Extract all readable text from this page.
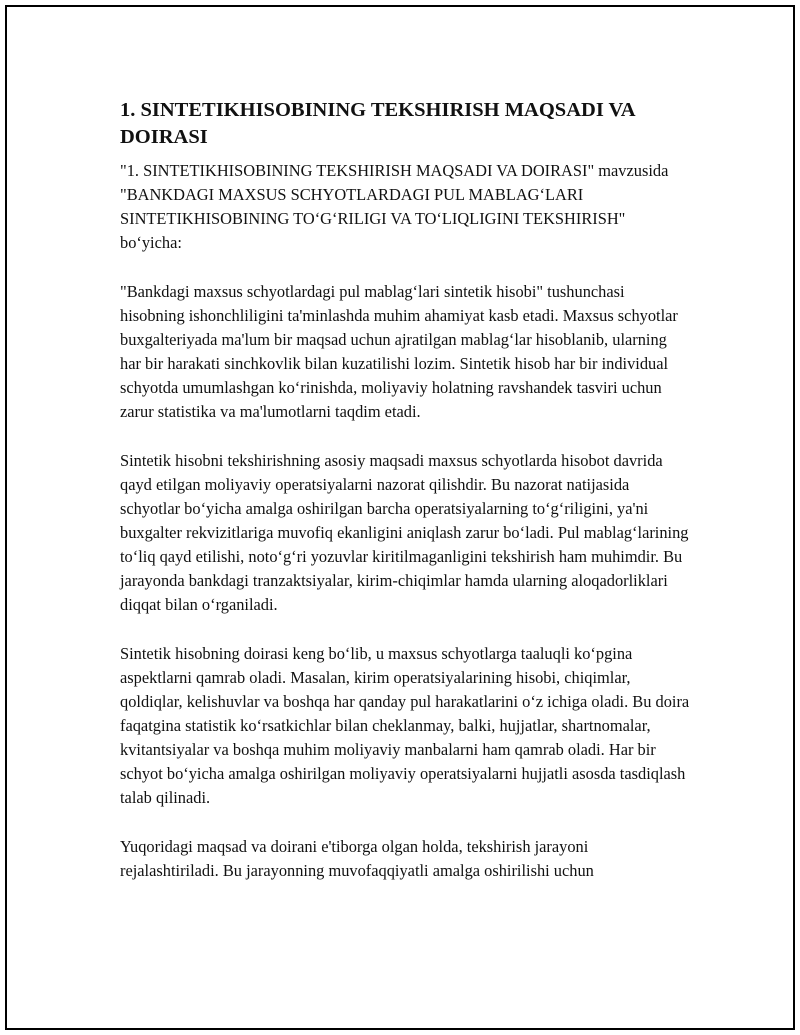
1. SINTETIKHISOBINING TEKSHIRISH MAQSADI VA DOIRASI

"1. SINTETIKHISOBINING TEKSHIRISH MAQSADI VA DOIRASI" mavzusida "BANKDAGI MAXSUS SCHYOTLARDAGI PUL MABLAG‘LARI SINTETIKHISOBINING TO‘G‘RILIGI VA TO‘LIQLIGINI TEKSHIRISH" bo‘yicha:

"Bankdagi maxsus schyotlardagi pul mablag‘lari sintetik hisobi" tushunchasi hisobning ishonchliligini ta'minlashda muhim ahamiyat kasb etadi. Maxsus schyotlar buxgalteriyada ma'lum bir maqsad uchun ajratilgan mablag‘lar hisoblanib, ularning har bir harakati sinchkovlik bilan kuzatilishi lozim. Sintetik hisob har bir individual schyotda umumlashgan ko‘rinishda, moliyaviy holatning ravshandek tasviri uchun zarur statistika va ma'lumotlarni taqdim etadi.

Sintetik hisobni tekshirishning asosiy maqsadi maxsus schyotlarda hisobot davrida qayd etilgan moliyaviy operatsiyalarni nazorat qilishdir. Bu nazorat natijasida schyotlar bo‘yicha amalga oshirilgan barcha operatsiyalarning to‘g‘riligini, ya'ni buxgalter rekvizitlariga muvofiq ekanligini aniqlash zarur bo‘ladi. Pul mablag‘larining to‘liq qayd etilishi, noto‘g‘ri yozuvlar kiritilmaganligini tekshirish ham muhimdir. Bu jarayonda bankdagi tranzaktsiyalar, kirim-chiqimlar hamda ularning aloqadorliklari diqqat bilan o‘rganiladi.

Sintetik hisobning doirasi keng bo‘lib, u maxsus schyotlarga taaluqli ko‘pgina aspektlarni qamrab oladi. Masalan, kirim operatsiyalarining hisobi, chiqimlar, qoldiqlar, kelishuvlar va boshqa har qanday pul harakatlarini o‘z ichiga oladi. Bu doira faqatgina statistik ko‘rsatkichlar bilan cheklanmay, balki, hujjatlar, shartnomalar, kvitantsiyalar va boshqa muhim moliyaviy manbalarni ham qamrab oladi. Har bir schyot bo‘yicha amalga oshirilgan moliyaviy operatsiyalarni hujjatli asosda tasdiqlash talab qilinadi.

Yuqoridagi maqsad va doirani e'tiborga olgan holda, tekshirish jarayoni rejalashtiriladi. Bu jarayonning muvofaqqiyatli amalga oshirilishi uchun
